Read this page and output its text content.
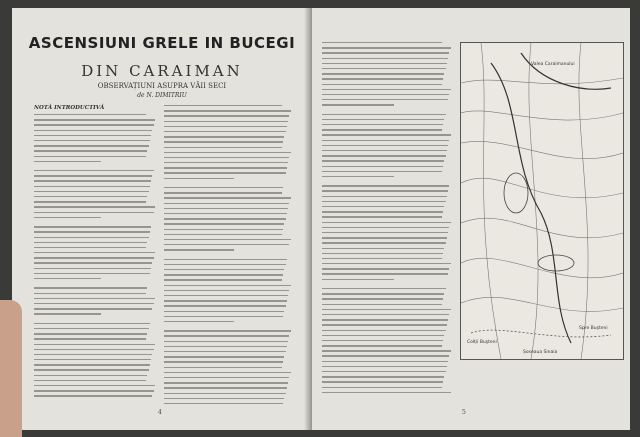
ASCENSIUNI GRELE IN BUCEGI
DIN CARAIMAN
OBSERVAȚIUNI ASUPRA VĂII SECI
de N. DIMITRIU
NOTĂ INTRODUCTIVĂ
4
Valea Caraimanului
Colții Buşteni
Șoseaua Sinaia
Spre Buşteni
5
